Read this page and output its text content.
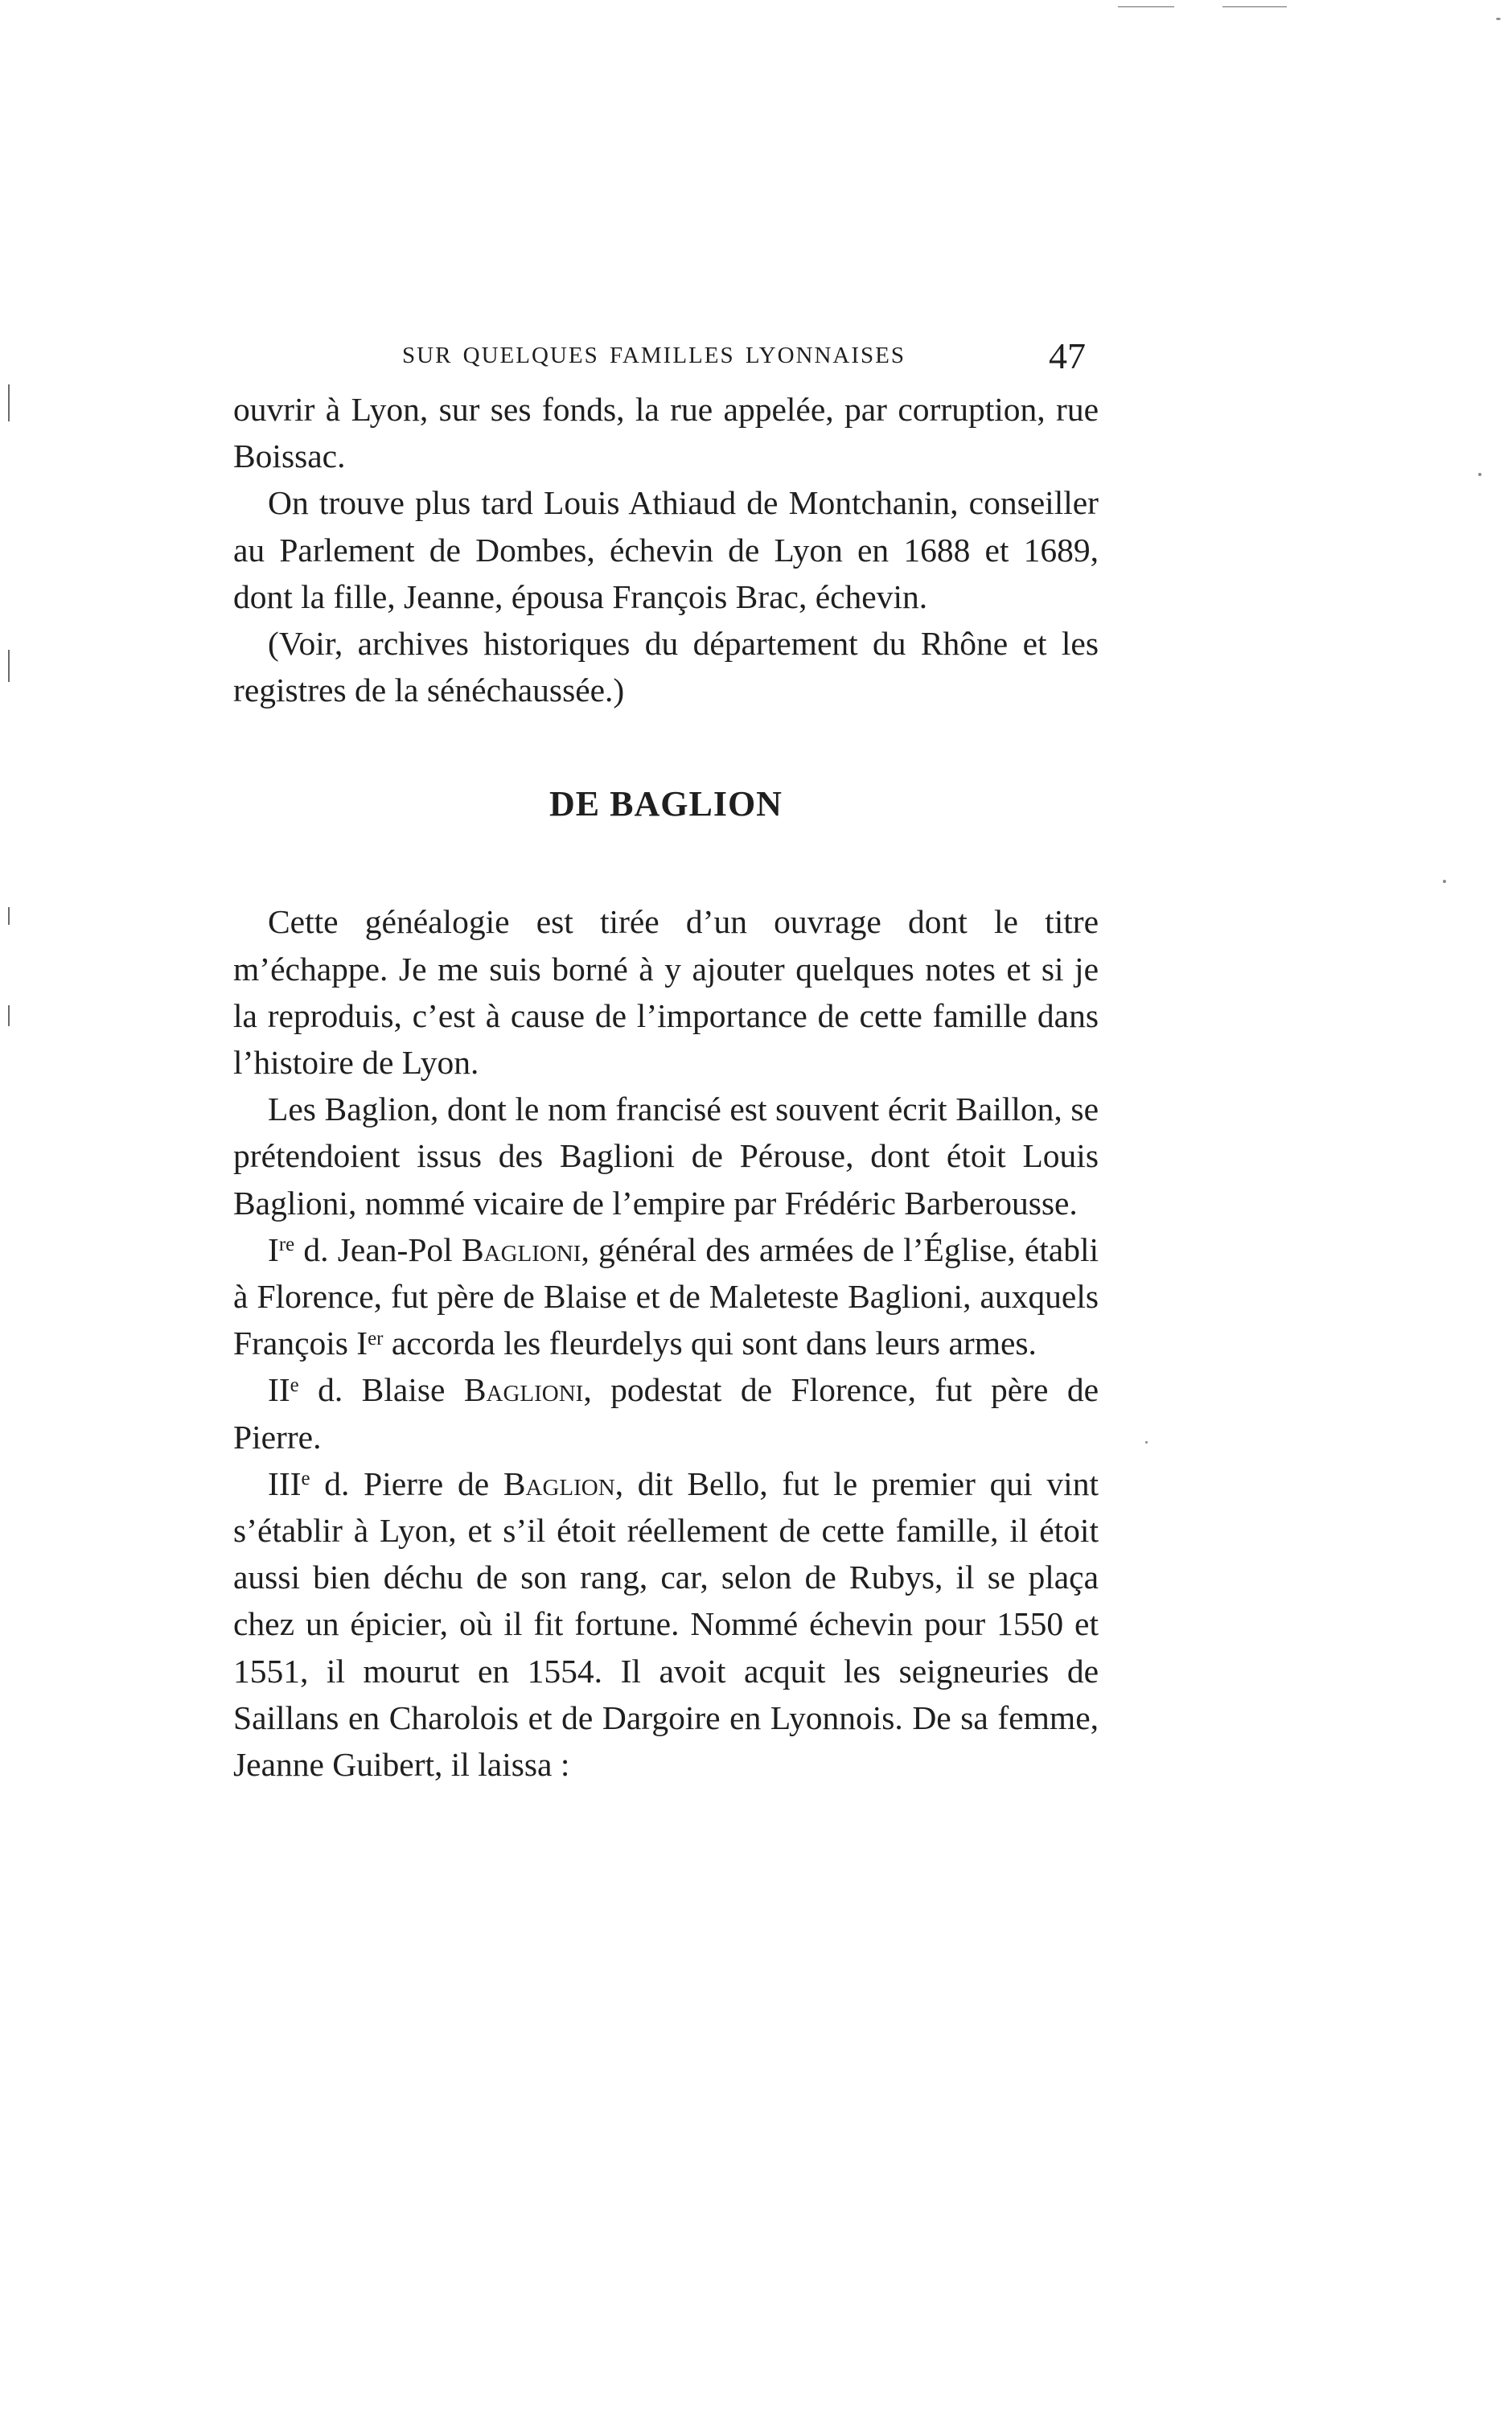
SUR QUELQUES FAMILLES LYONNAISES	47

ouvrir à Lyon, sur ses fonds, la rue appelée, par corruption, rue Boissac.

On trouve plus tard Louis Athiaud de Montchanin, conseiller au Parlement de Dombes, échevin de Lyon en 1688 et 1689, dont la fille, Jeanne, épousa François Brac, échevin.

(Voir, archives historiques du département du Rhône et les registres de la sénéchaussée.)

DE BAGLION

Cette généalogie est tirée d’un ouvrage dont le titre m’échappe. Je me suis borné à y ajouter quelques notes et si je la reproduis, c’est à cause de l’importance de cette famille dans l’histoire de Lyon.

Les Baglion, dont le nom francisé est souvent écrit Baillon, se prétendoient issus des Baglioni de Pérouse, dont étoit Louis Baglioni, nommé vicaire de l’empire par Frédéric Barberousse.

Ire d. Jean-Pol Baglioni, général des armées de l’Église, établi à Florence, fut père de Blaise et de Maleteste Baglioni, auxquels François Ier accorda les fleurdelys qui sont dans leurs armes.

IIe d. Blaise Baglioni, podestat de Florence, fut père de Pierre.

IIIe d. Pierre de Baglion, dit Bello, fut le premier qui vint s’établir à Lyon, et s’il étoit réellement de cette famille, il étoit aussi bien déchu de son rang, car, selon de Rubys, il se plaça chez un épicier, où il fit fortune. Nommé échevin pour 1550 et 1551, il mourut en 1554. Il avoit acquit les seigneuries de Saillans en Charolois et de Dargoire en Lyonnois. De sa femme, Jeanne Guibert, il laissa :
